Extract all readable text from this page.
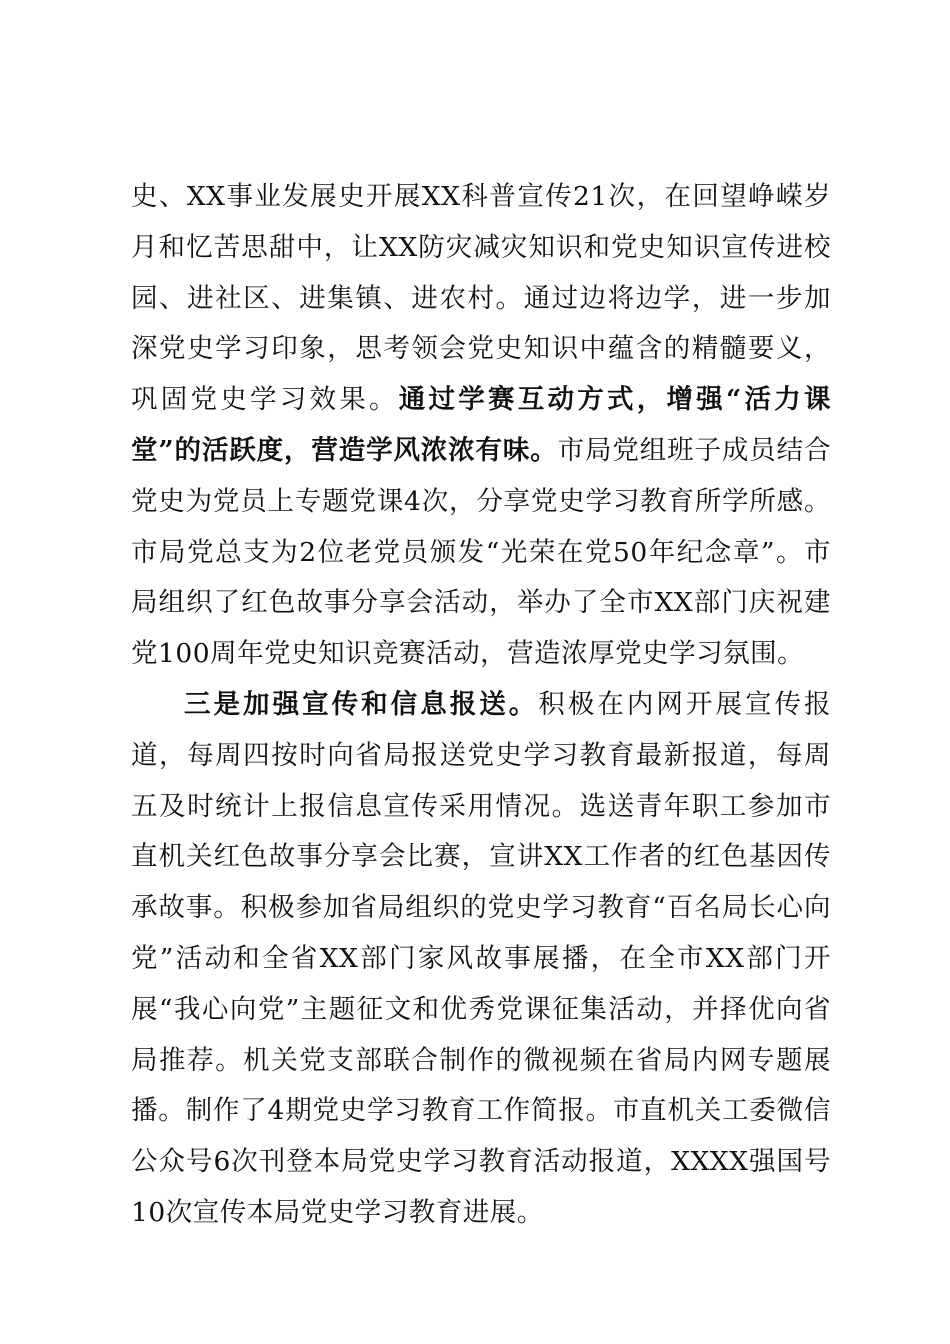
史、XX事业发展史开展XX科普宣传21次，在回望峥嵘岁月和忆苦思甜中，让XX防灾减灾知识和党史知识宣传进校园、进社区、进集镇、进农村。通过边将边学，进一步加深党史学习印象，思考领会党史知识中蕴含的精髓要义，巩固党史学习效果。通过学赛互动方式，增强“活力课堂”的活跃度，营造学风浓浓有味。市局党组班子成员结合党史为党员上专题党课4次，分享党史学习教育所学所感。市局党总支为2位老党员颁发“光荣在党50年纪念章”。市局组织了红色故事分享会活动，举办了全市XX部门庆祝建党100周年党史知识竞赛活动，营造浓厚党史学习氛围。

三是加强宣传和信息报送。积极在内网开展宣传报道，每周四按时向省局报送党史学习教育最新报道，每周五及时统计上报信息宣传采用情况。选送青年职工参加市直机关红色故事分享会比赛，宣讲XX工作者的红色基因传承故事。积极参加省局组织的党史学习教育“百名局长心向党”活动和全省XX部门家风故事展播，在全市XX部门开展“我心向党”主题征文和优秀党课征集活动，并择优向省局推荐。机关党支部联合制作的微视频在省局内网专题展播。制作了4期党史学习教育工作简报。市直机关工委微信公众号6次刊登本局党史学习教育活动报道，XXXX强国号10次宣传本局党史学习教育进展。
